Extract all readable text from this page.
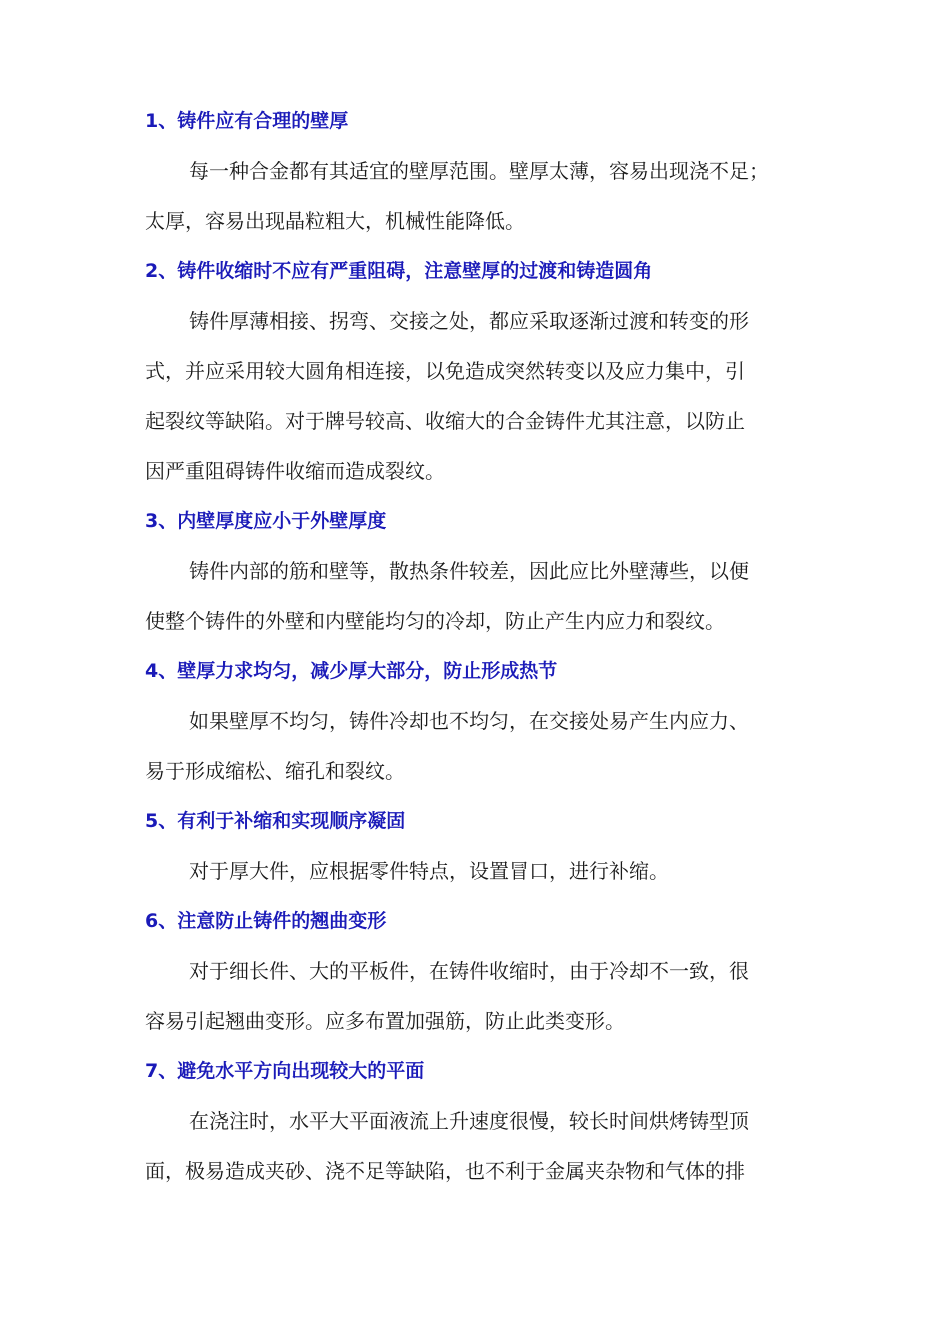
1、铸件应有合理的壁厚

每一种合金都有其适宜的壁厚范围。壁厚太薄，容易出现浇不足；
太厚，容易出现晶粒粗大，机械性能降低。

2、铸件收缩时不应有严重阻碍，注意壁厚的过渡和铸造圆角

铸件厚薄相接、拐弯、交接之处，都应采取逐渐过渡和转变的形
式，并应采用较大圆角相连接，以免造成突然转变以及应力集中，引
起裂纹等缺陷。对于牌号较高、收缩大的合金铸件尤其注意，以防止
因严重阻碍铸件收缩而造成裂纹。

3、内壁厚度应小于外壁厚度

铸件内部的筋和壁等，散热条件较差，因此应比外壁薄些，以便
使整个铸件的外壁和内壁能均匀的冷却，防止产生内应力和裂纹。

4、壁厚力求均匀，减少厚大部分，防止形成热节

如果壁厚不均匀，铸件冷却也不均匀，在交接处易产生内应力、
易于形成缩松、缩孔和裂纹。

5、有利于补缩和实现顺序凝固

对于厚大件，应根据零件特点，设置冒口，进行补缩。

6、注意防止铸件的翘曲变形

对于细长件、大的平板件，在铸件收缩时，由于冷却不一致，很
容易引起翘曲变形。应多布置加强筋，防止此类变形。

7、避免水平方向出现较大的平面

在浇注时，水平大平面液流上升速度很慢，较长时间烘烤铸型顶
面，极易造成夹砂、浇不足等缺陷，也不利于金属夹杂物和气体的排
